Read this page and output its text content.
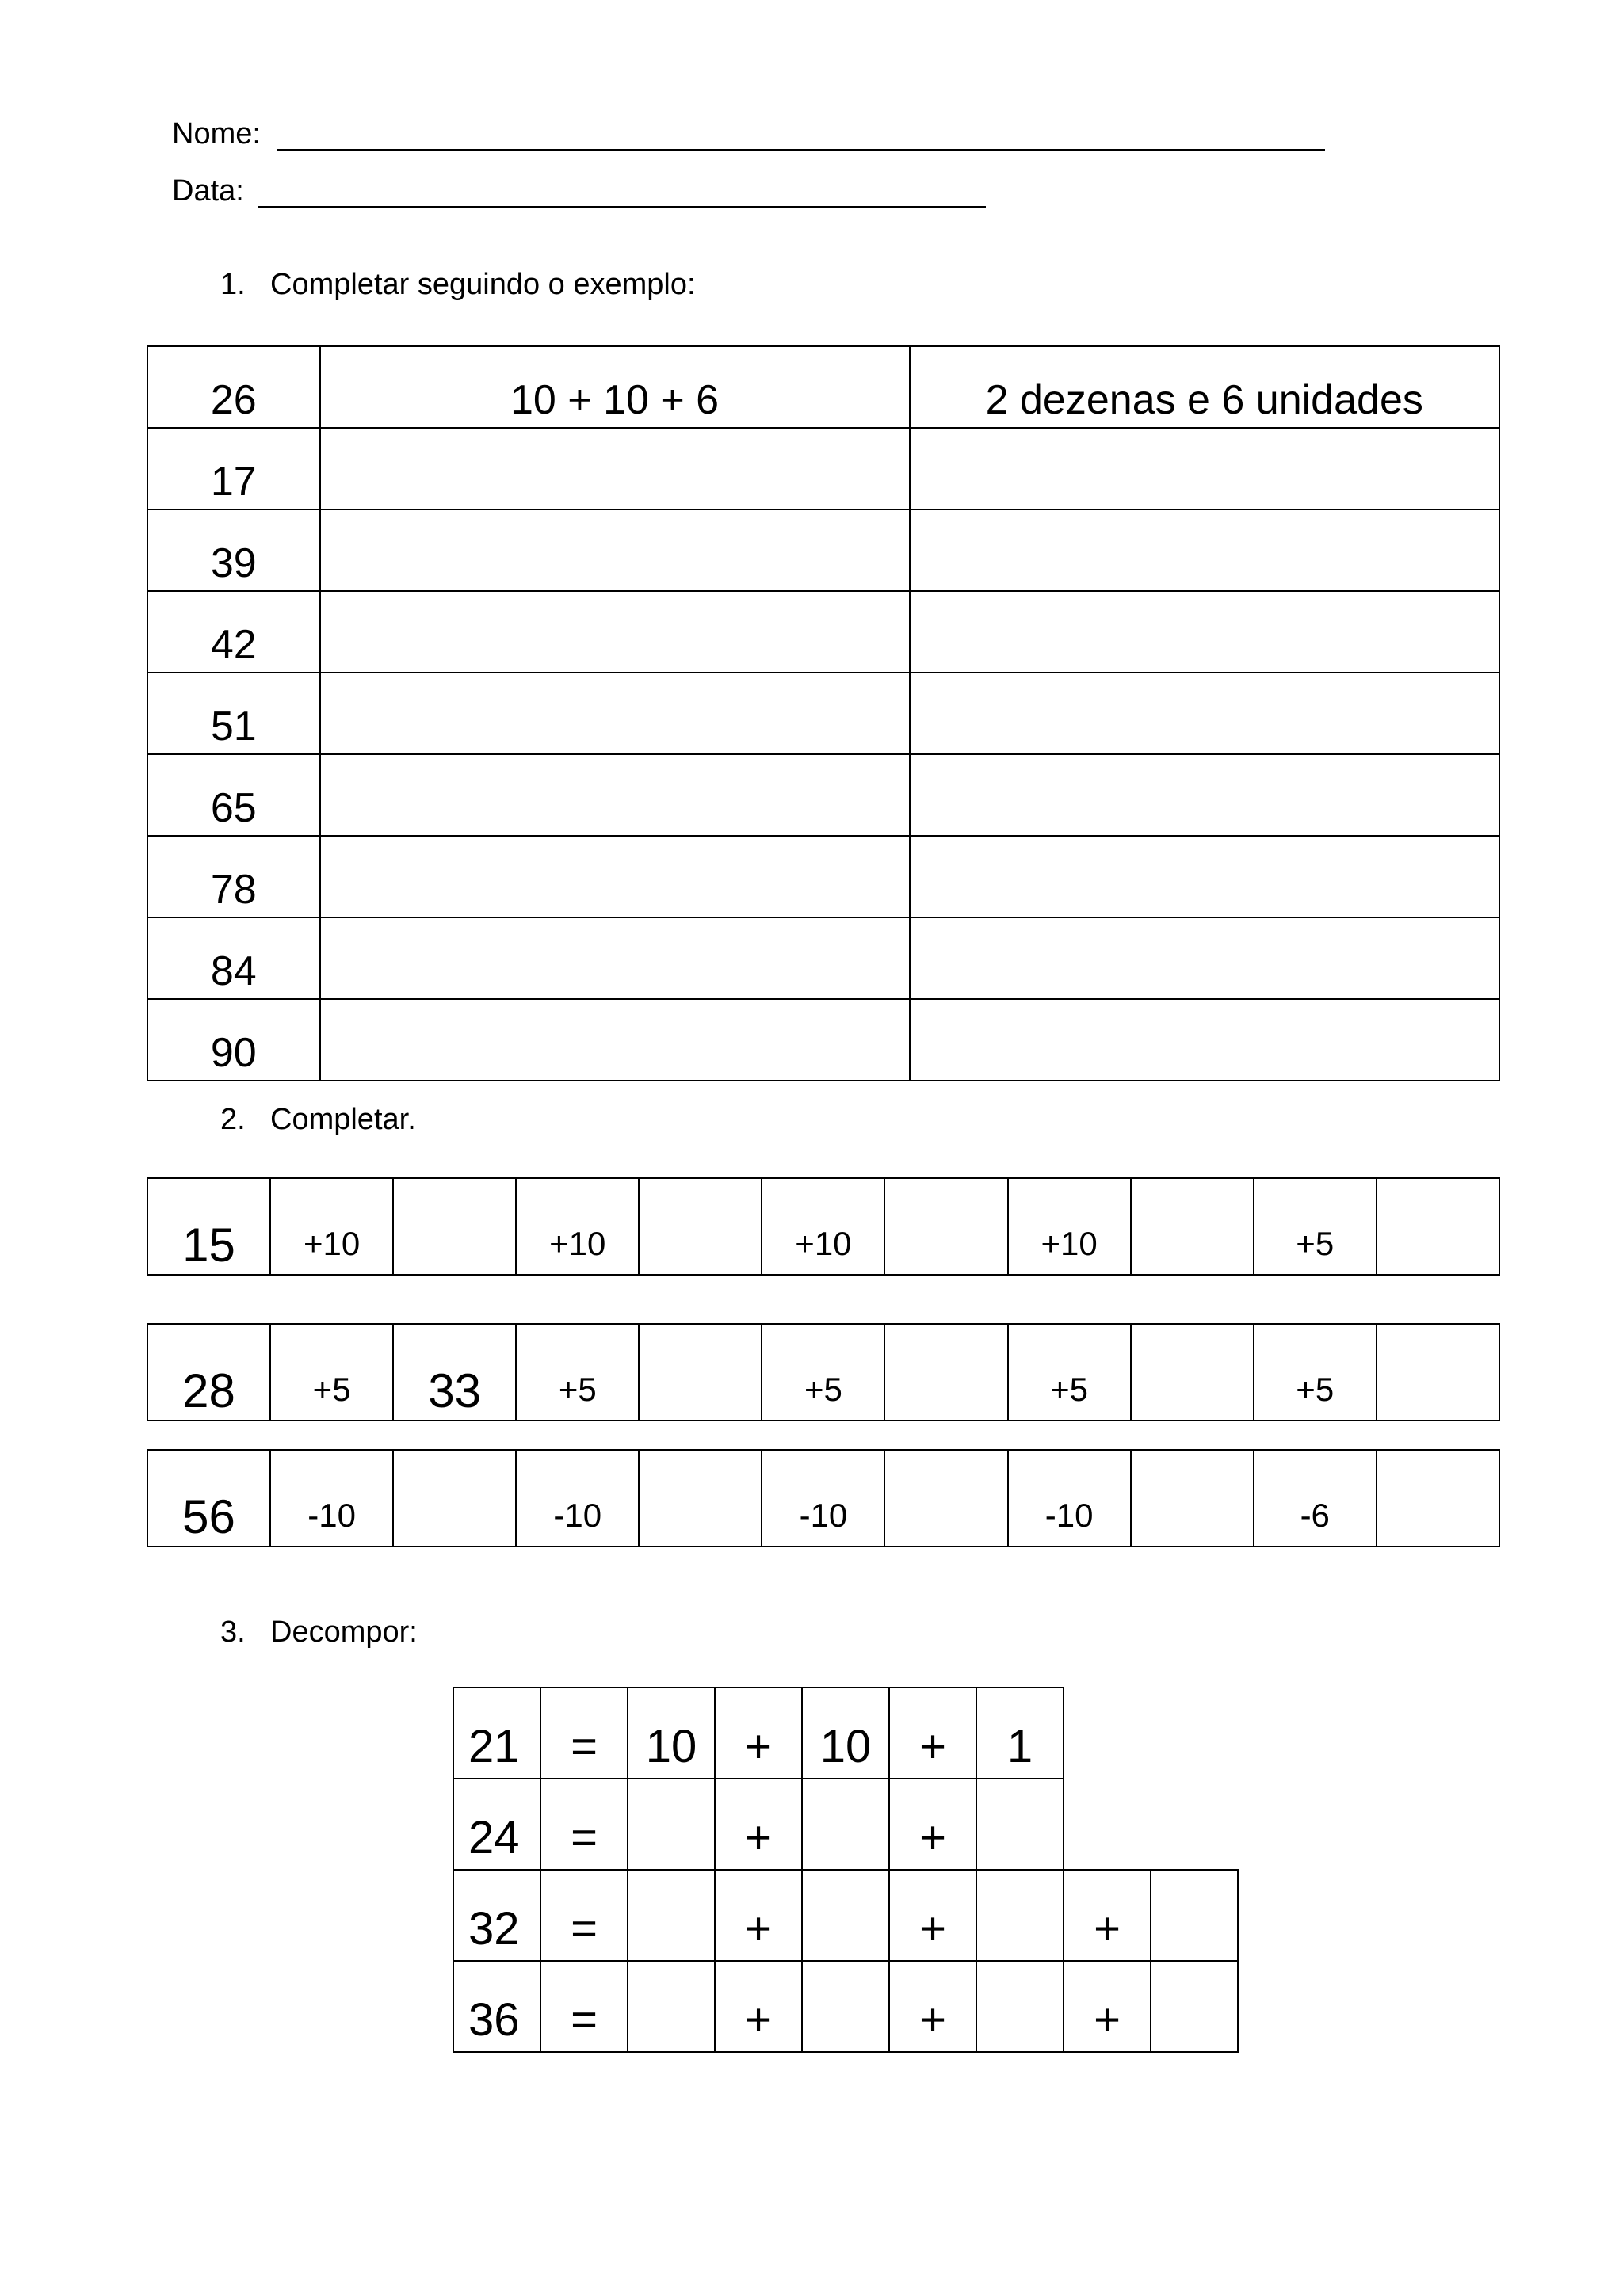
Nome:
Data:
1. Completar seguindo o exemplo:
26	10 + 10 + 6	2 dezenas e 6 unidades
17		
39		
42		
51		
65		
78		
84		
90		
2. Completar.
15	+10		+10		+10		+10		+5	
28	+5	33	+5		+5		+5		+5	
56	-10		-10		-10		-10		-6	
3. Decompor:
21	=	10	+	10	+	1		
24	=		+		+			
32	=		+		+		+	
36	=		+		+		+	
